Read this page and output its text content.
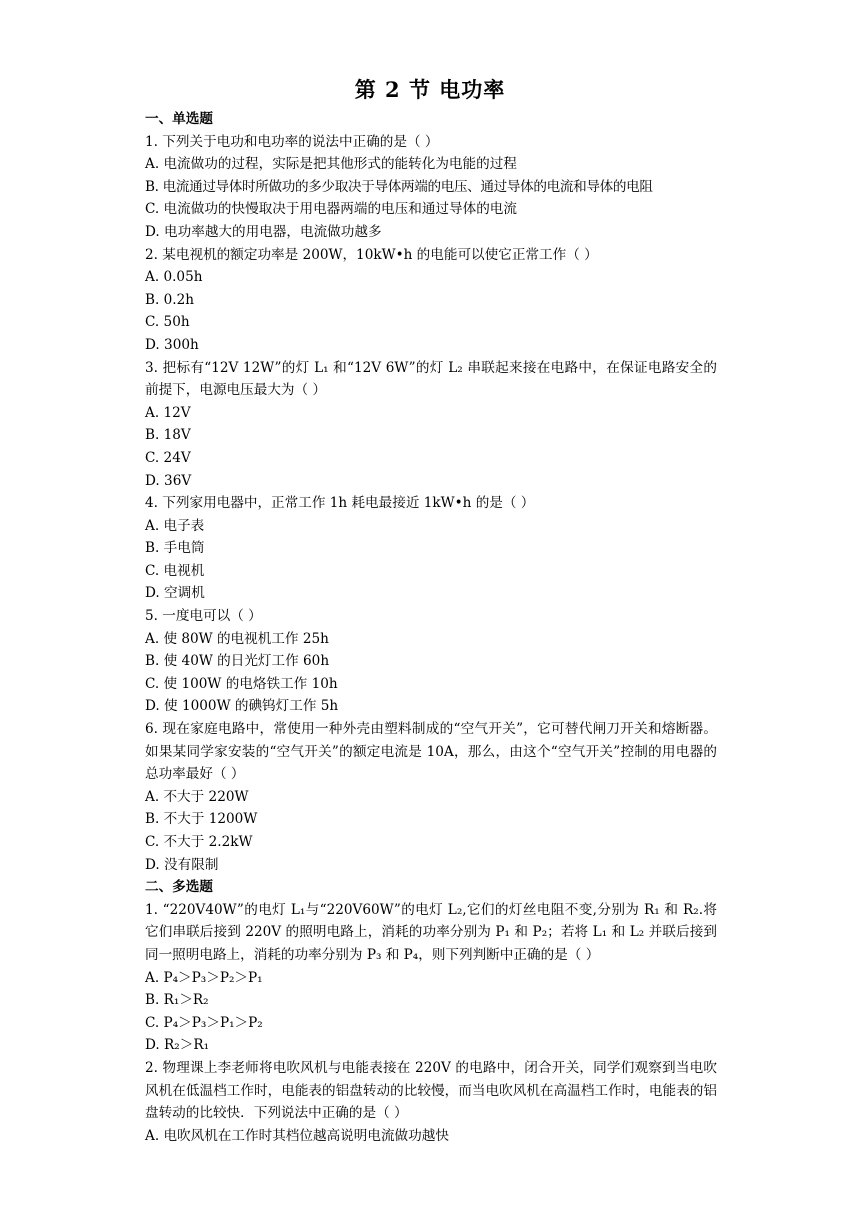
第 2 节 电功率
一、单选题
1. 下列关于电功和电功率的说法中正确的是（ ）
A. 电流做功的过程，实际是把其他形式的能转化为电能的过程
B. 电流通过导体时所做功的多少取决于导体两端的电压、通过导体的电流和导体的电阻
C. 电流做功的快慢取决于用电器两端的电压和通过导体的电流
D. 电功率越大的用电器，电流做功越多
2. 某电视机的额定功率是 200W，10kW•h 的电能可以使它正常工作（ ）
A. 0.05h
B. 0.2h
C. 50h
D. 300h
3. 把标有“12V 12W”的灯 L₁ 和“12V 6W”的灯 L₂ 串联起来接在电路中，在保证电路安全的前提下，电源电压最大为（ ）
A. 12V
B. 18V
C. 24V
D. 36V
4. 下列家用电器中，正常工作 1h 耗电最接近 1kW•h 的是（ ）
A. 电子表
B. 手电筒
C. 电视机
D. 空调机
5. 一度电可以（ ）
A. 使 80W 的电视机工作 25h
B. 使 40W 的日光灯工作 60h
C. 使 100W 的电烙铁工作 10h
D. 使 1000W 的碘钨灯工作 5h
6. 现在家庭电路中，常使用一种外壳由塑料制成的“空气开关”，它可替代闸刀开关和熔断器。如果某同学家安装的“空气开关”的额定电流是 10A，那么，由这个“空气开关”控制的用电器的总功率最好（ ）
A. 不大于 220W
B. 不大于 1200W
C. 不大于 2.2kW
D. 没有限制
二、多选题
1. “220V40W”的电灯 L₁与“220V60W”的电灯 L₂,它们的灯丝电阻不变,分别为 R₁ 和 R₂.将它们串联后接到 220V 的照明电路上，消耗的功率分别为 P₁ 和 P₂；若将 L₁ 和 L₂ 并联后接到同一照明电路上，消耗的功率分别为 P₃ 和 P₄，则下列判断中正确的是（ ）
A. P₄＞P₃＞P₂＞P₁
B. R₁＞R₂
C. P₄＞P₃＞P₁＞P₂
D. R₂＞R₁
2. 物理课上李老师将电吹风机与电能表接在 220V 的电路中，闭合开关，同学们观察到当电吹风机在低温档工作时，电能表的铝盘转动的比较慢，而当电吹风机在高温档工作时，电能表的铝盘转动的比较快．下列说法中正确的是（ ）
A. 电吹风机在工作时其档位越高说明电流做功越快
